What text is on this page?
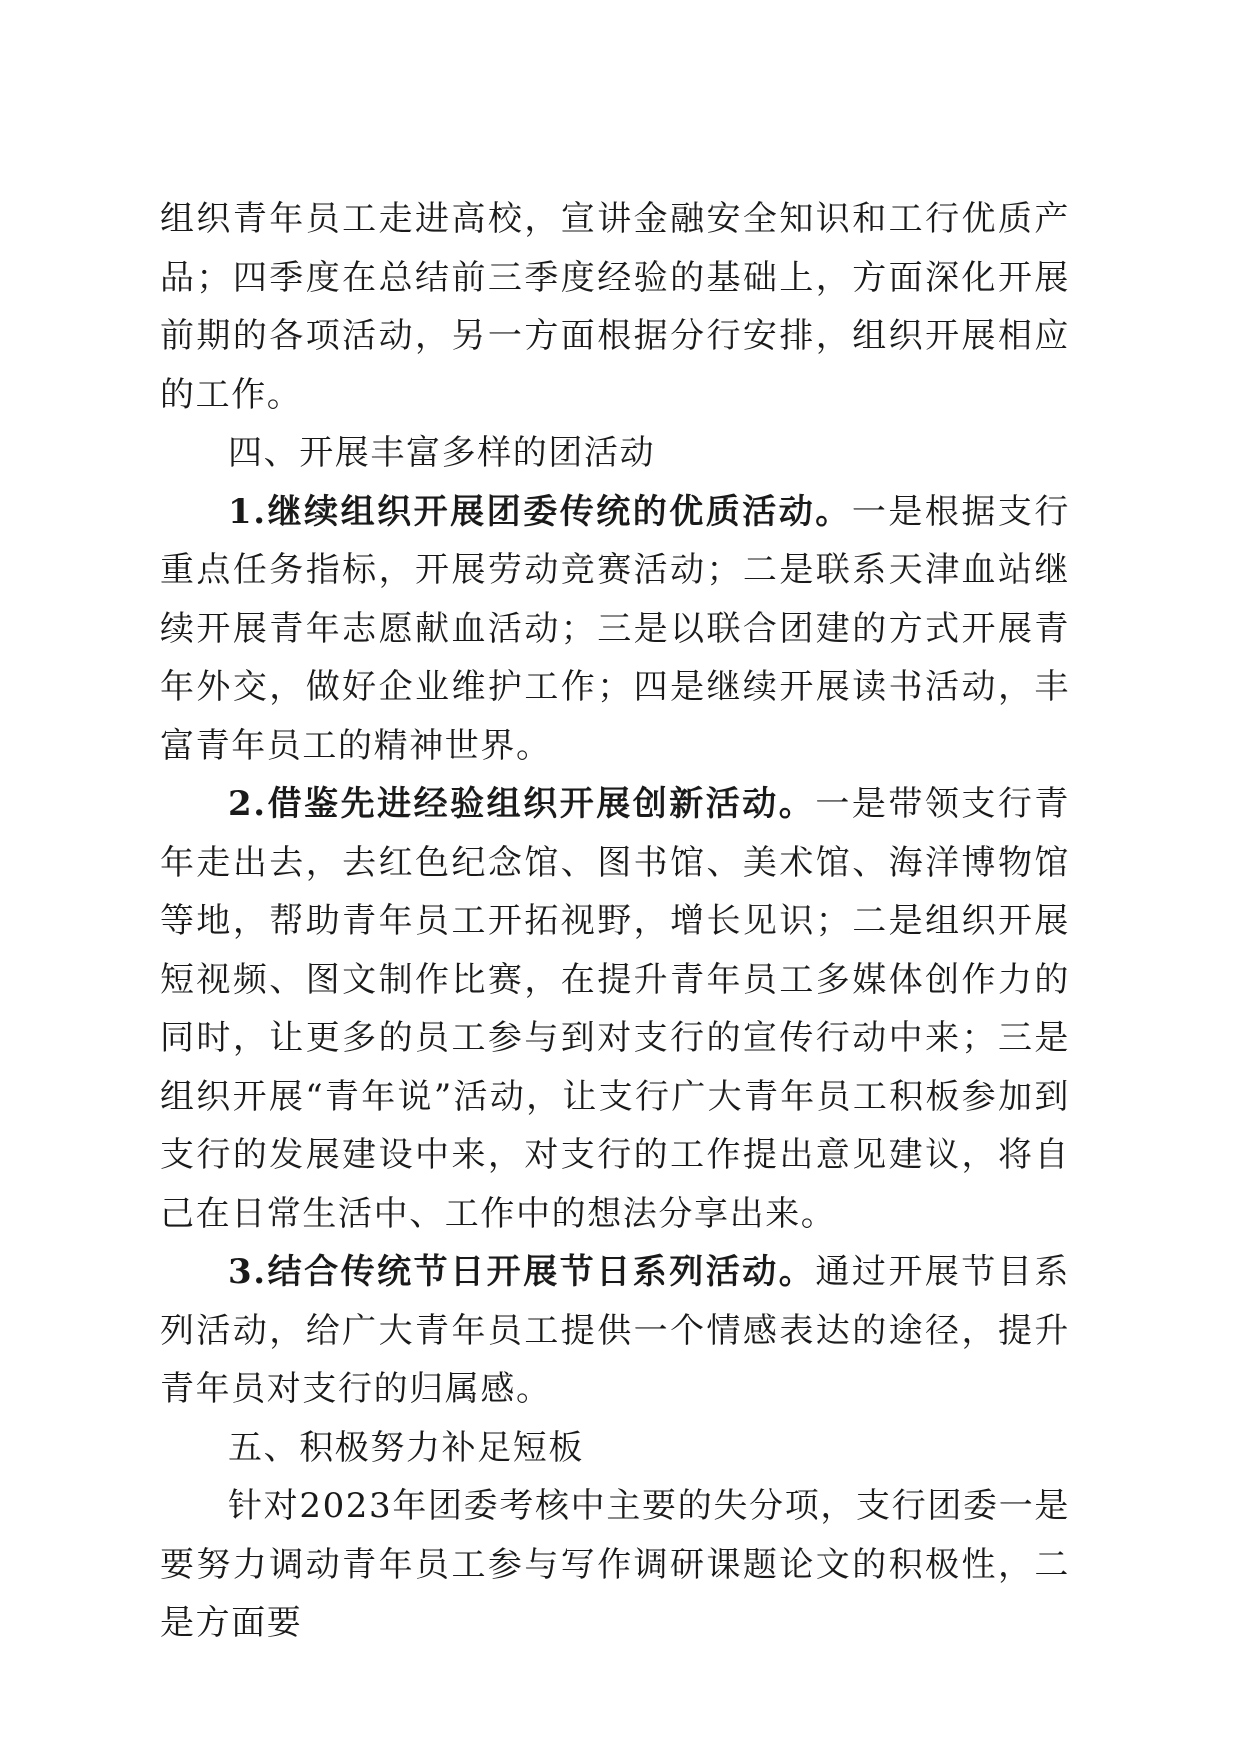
组织青年员工走进高校，宣讲金融安全知识和工行优质产品；四季度在总结前三季度经验的基础上，方面深化开展前期的各项活动，另一方面根据分行安排，组织开展相应的工作。

四、开展丰富多样的团活动

1.继续组织开展团委传统的优质活动。一是根据支行重点任务指标，开展劳动竞赛活动；二是联系天津血站继续开展青年志愿献血活动；三是以联合团建的方式开展青年外交，做好企业维护工作；四是继续开展读书活动，丰富青年员工的精神世界。

2.借鉴先进经验组织开展创新活动。一是带领支行青年走出去，去红色纪念馆、图书馆、美术馆、海洋博物馆等地，帮助青年员工开拓视野，增长见识；二是组织开展短视频、图文制作比赛，在提升青年员工多媒体创作力的同时，让更多的员工参与到对支行的宣传行动中来；三是组织开展“青年说”活动，让支行广大青年员工积板参加到支行的发展建设中来，对支行的工作提出意见建议，将自己在日常生活中、工作中的想法分享出来。

3.结合传统节日开展节日系列活动。通过开展节目系列活动，给广大青年员工提供一个情感表达的途径，提升青年员对支行的归属感。

五、积极努力补足短板

针对2023年团委考核中主要的失分项，支行团委一是要努力调动青年员工参与写作调研课题论文的积极性，二是方面要
